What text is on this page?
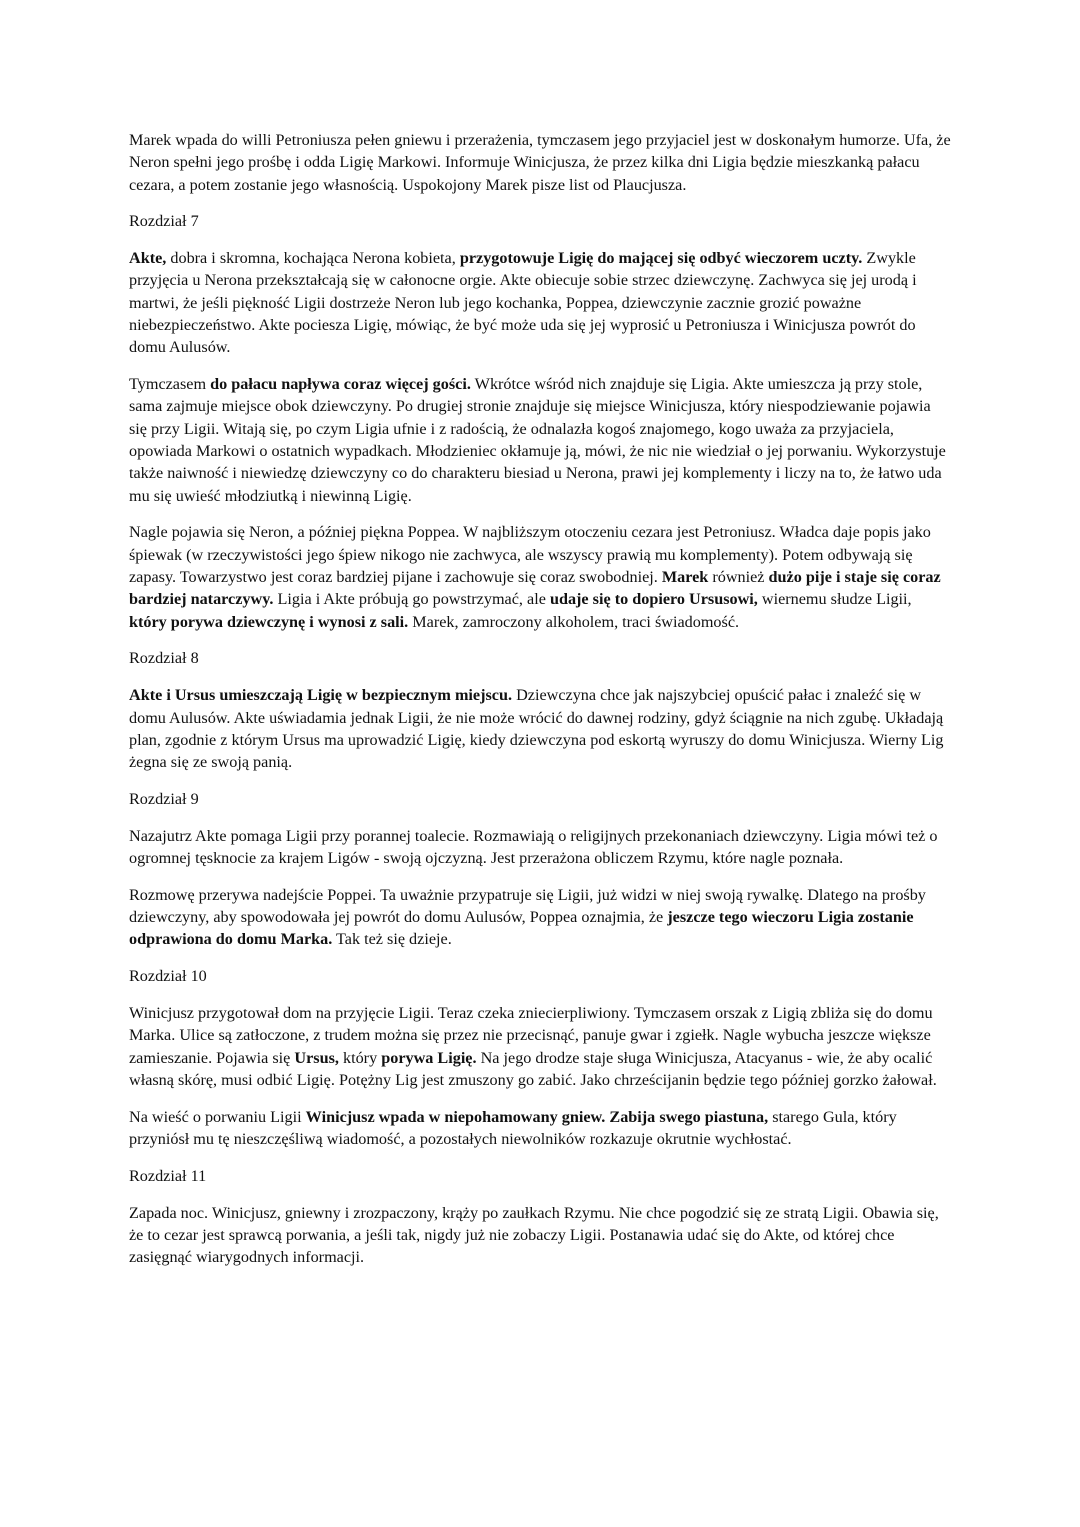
Marek wpada do willi Petroniusza pełen gniewu i przerażenia, tymczasem jego przyjaciel jest w doskonałym humorze. Ufa, że Neron spełni jego prośbę i odda Ligię Markowi. Informuje Winicjusza, że przez kilka dni Ligia będzie mieszkanką pałacu cezara, a potem zostanie jego własnością. Uspokojony Marek pisze list od Plaucjusza.

Rozdział 7

Akte, dobra i skromna, kochająca Nerona kobieta, przygotowuje Ligię do mającej się odbyć wieczorem uczty. Zwykle przyjęcia u Nerona przekształcają się w całonocne orgie. Akte obiecuje sobie strzec dziewczynę. Zachwyca się jej urodą i martwi, że jeśli piękność Ligii dostrzeże Neron lub jego kochanka, Poppea, dziewczynie zacznie grozić poważne niebezpieczeństwo. Akte pociesza Ligię, mówiąc, że być może uda się jej wyprosić u Petroniusza i Winicjusza powrót do domu Aulusów.

Tymczasem do pałacu napływa coraz więcej gości. Wkrótce wśród nich znajduje się Ligia. Akte umieszcza ją przy stole, sama zajmuje miejsce obok dziewczyny. Po drugiej stronie znajduje się miejsce Winicjusza, który niespodziewanie pojawia się przy Ligii. Witają się, po czym Ligia ufnie i z radością, że odnalazła kogoś znajomego, kogo uważa za przyjaciela, opowiada Markowi o ostatnich wypadkach. Młodzieniec okłamuje ją, mówi, że nic nie wiedział o jej porwaniu. Wykorzystuje także naiwność i niewiedzę dziewczyny co do charakteru biesiad u Nerona, prawi jej komplementy i liczy na to, że łatwo uda mu się uwieść młodziutką i niewinną Ligię.

Nagle pojawia się Neron, a później piękna Poppea. W najbliższym otoczeniu cezara jest Petroniusz. Władca daje popis jako śpiewak (w rzeczywistości jego śpiew nikogo nie zachwyca, ale wszyscy prawią mu komplementy). Potem odbywają się zapasy. Towarzystwo jest coraz bardziej pijane i zachowuje się coraz swobodniej. Marek również dużo pije i staje się coraz bardziej natarczywy. Ligia i Akte próbują go powstrzymać, ale udaje się to dopiero Ursusowi, wiernemu słudze Ligii, który porywa dziewczynę i wynosi z sali. Marek, zamroczony alkoholem, traci świadomość.

Rozdział 8

Akte i Ursus umieszczają Ligię w bezpiecznym miejscu. Dziewczyna chce jak najszybciej opuścić pałac i znaleźć się w domu Aulusów. Akte uświadamia jednak Ligii, że nie może wrócić do dawnej rodziny, gdyż ściągnie na nich zgubę. Układają plan, zgodnie z którym Ursus ma uprowadzić Ligię, kiedy dziewczyna pod eskortą wyruszy do domu Winicjusza. Wierny Lig żegna się ze swoją panią.

Rozdział 9

Nazajutrz Akte pomaga Ligii przy porannej toalecie. Rozmawiają o religijnych przekonaniach dziewczyny. Ligia mówi też o ogromnej tęsknocie za krajem Ligów - swoją ojczyzną. Jest przerażona obliczem Rzymu, które nagle poznała.

Rozmowę przerywa nadejście Poppei. Ta uważnie przypatruje się Ligii, już widzi w niej swoją rywalkę. Dlatego na prośby dziewczyny, aby spowodowała jej powrót do domu Aulusów, Poppea oznajmia, że jeszcze tego wieczoru Ligia zostanie odprawiona do domu Marka. Tak też się dzieje.

Rozdział 10

Winicjusz przygotował dom na przyjęcie Ligii. Teraz czeka zniecierpliwiony. Tymczasem orszak z Ligią zbliża się do domu Marka. Ulice są zatłoczone, z trudem można się przez nie przecisnąć, panuje gwar i zgiełk. Nagle wybucha jeszcze większe zamieszanie. Pojawia się Ursus, który porywa Ligię. Na jego drodze staje sługa Winicjusza, Atacyanus - wie, że aby ocalić własną skórę, musi odbić Ligię. Potężny Lig jest zmuszony go zabić. Jako chrześcijanin będzie tego później gorzko żałował.

Na wieść o porwaniu Ligii Winicjusz wpada w niepohamowany gniew. Zabija swego piastuna, starego Gula, który przyniósł mu tę nieszczęśliwą wiadomość, a pozostałych niewolników rozkazuje okrutnie wychłostać.

Rozdział 11

Zapada noc. Winicjusz, gniewny i zrozpaczony, krąży po zaułkach Rzymu. Nie chce pogodzić się ze stratą Ligii. Obawia się, że to cezar jest sprawcą porwania, a jeśli tak, nigdy już nie zobaczy Ligii. Postanawia udać się do Akte, od której chce zasięgnąć wiarygodnych informacji.
